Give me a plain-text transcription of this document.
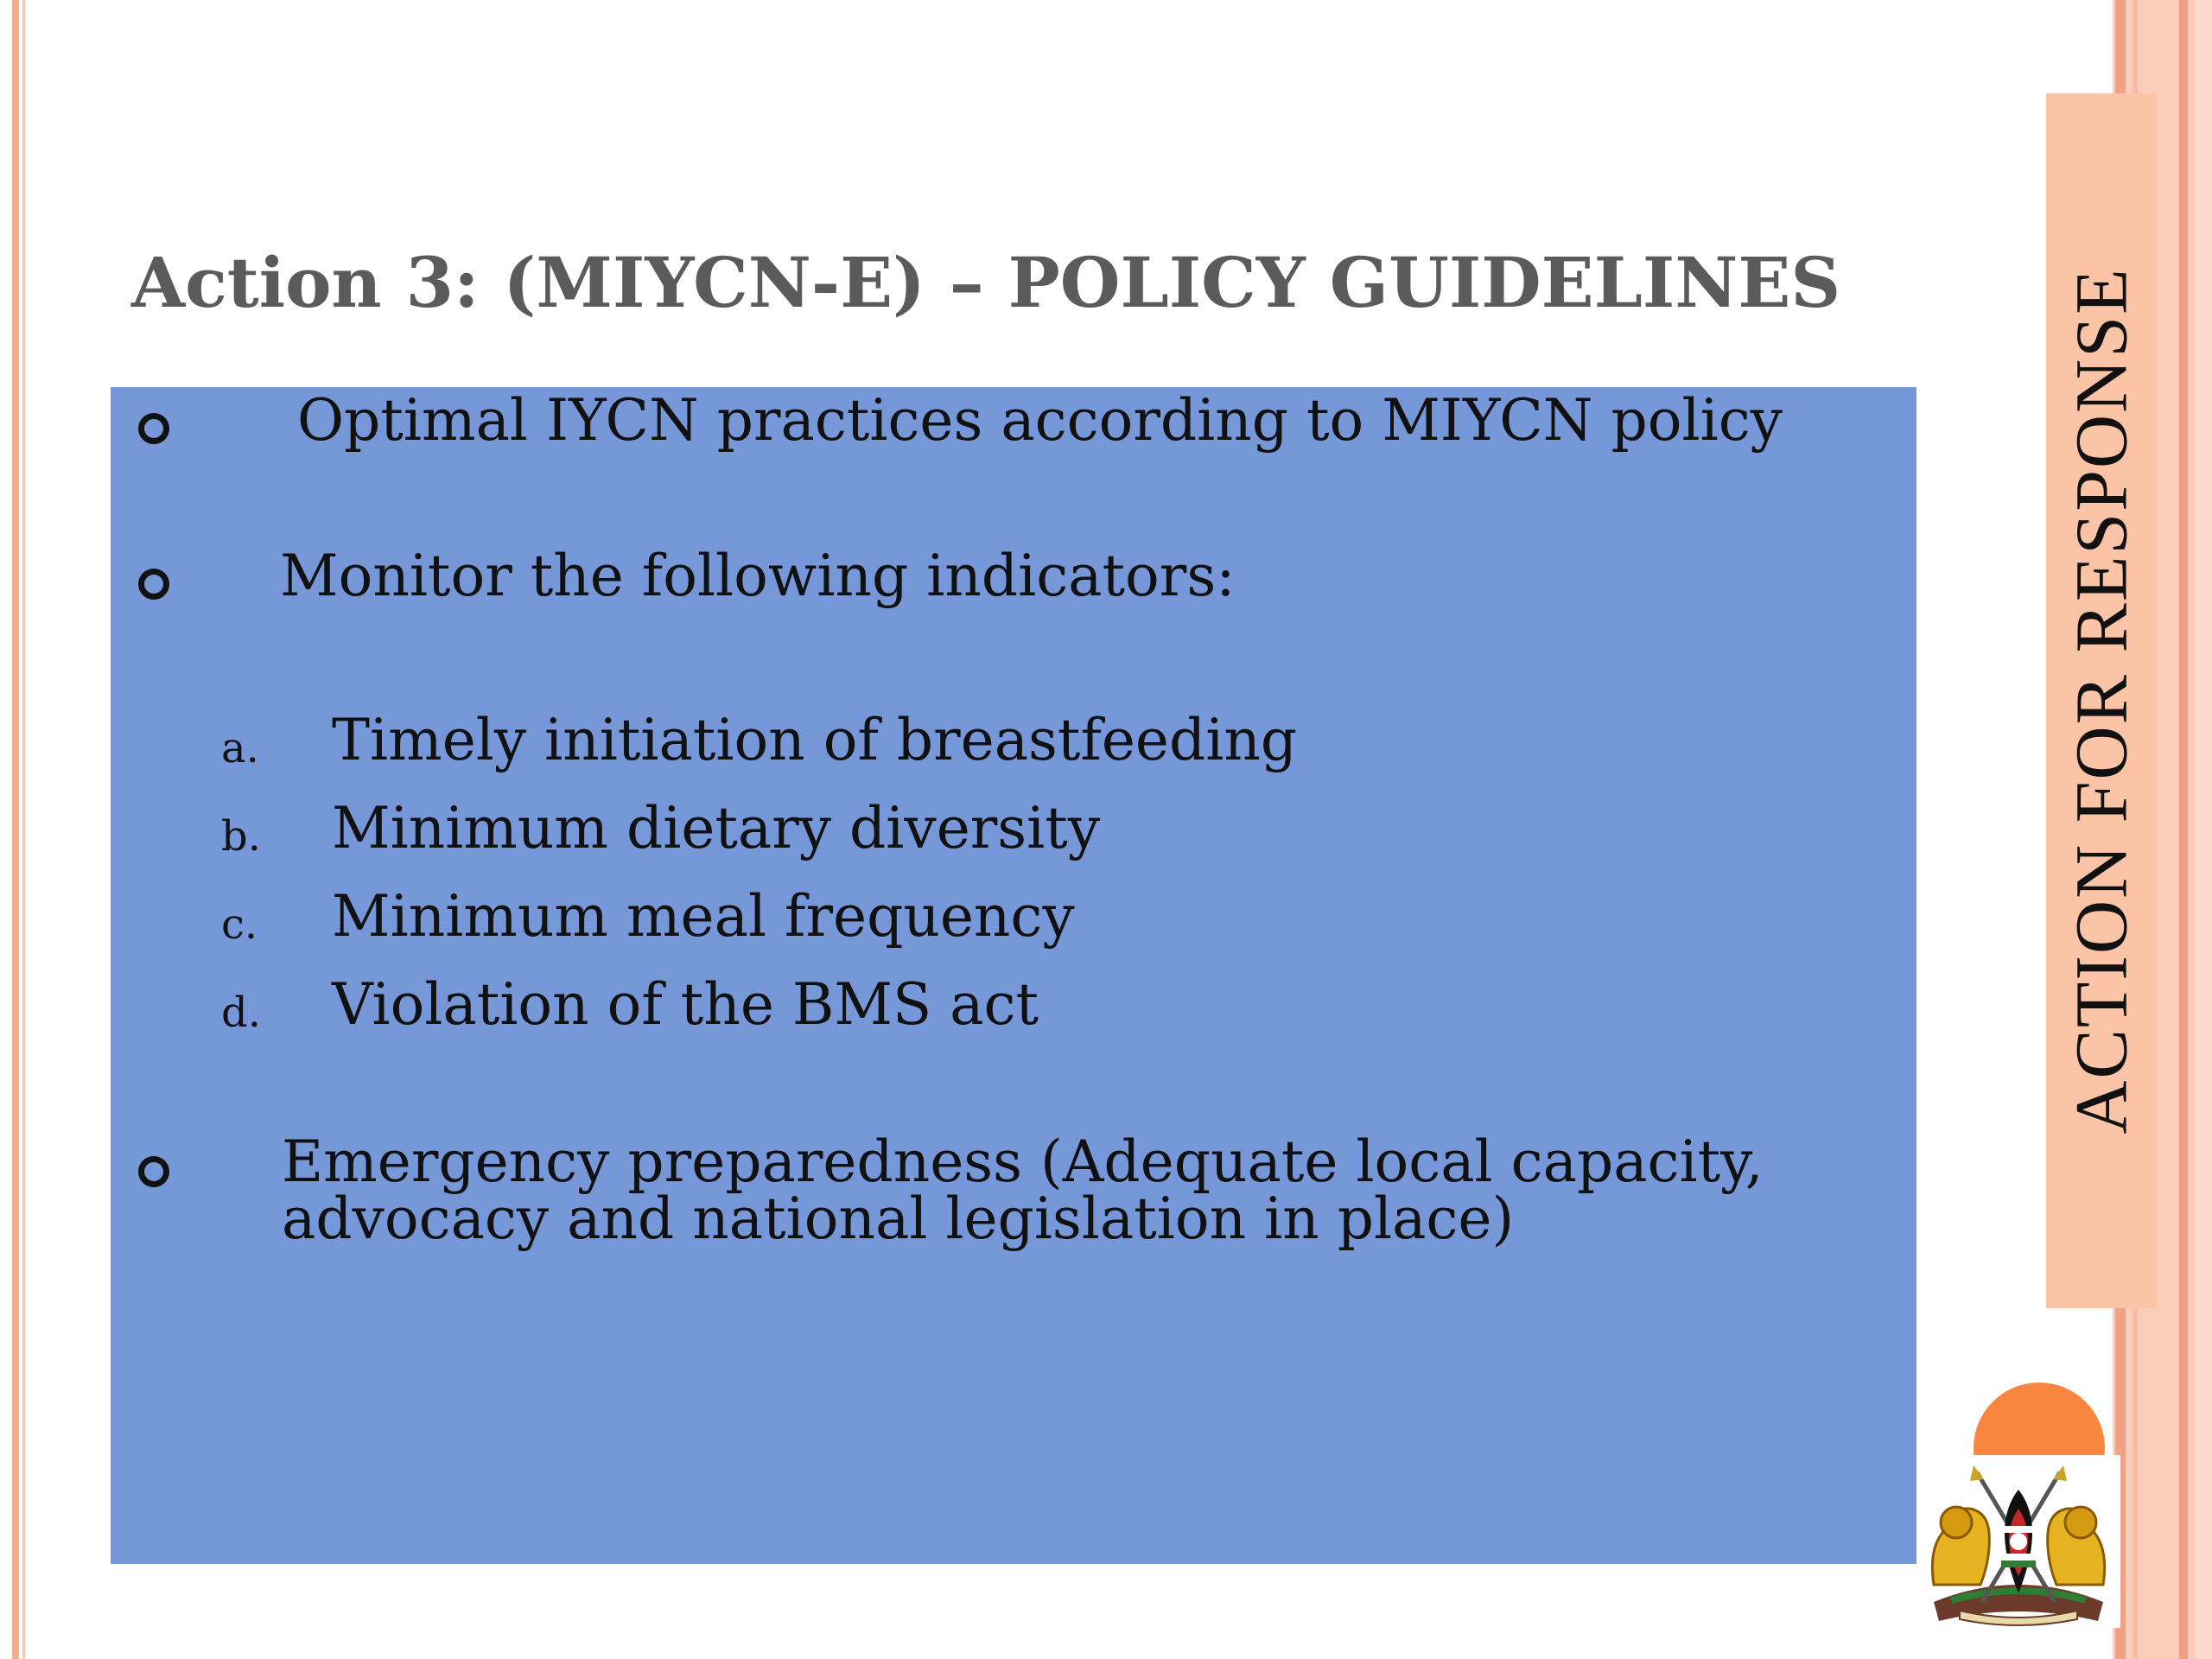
ACTION FOR RESPONSE
Action 3: (MIYCN-E) – POLICY GUIDELINES
Optimal IYCN practices according to MIYCN policy
Monitor the following indicators:
a. Timely initiation of breastfeeding
b. Minimum dietary diversity
c. Minimum meal frequency
d. Violation of the BMS act
Emergency preparedness (Adequate local capacity,
advocacy and national legislation in place)
